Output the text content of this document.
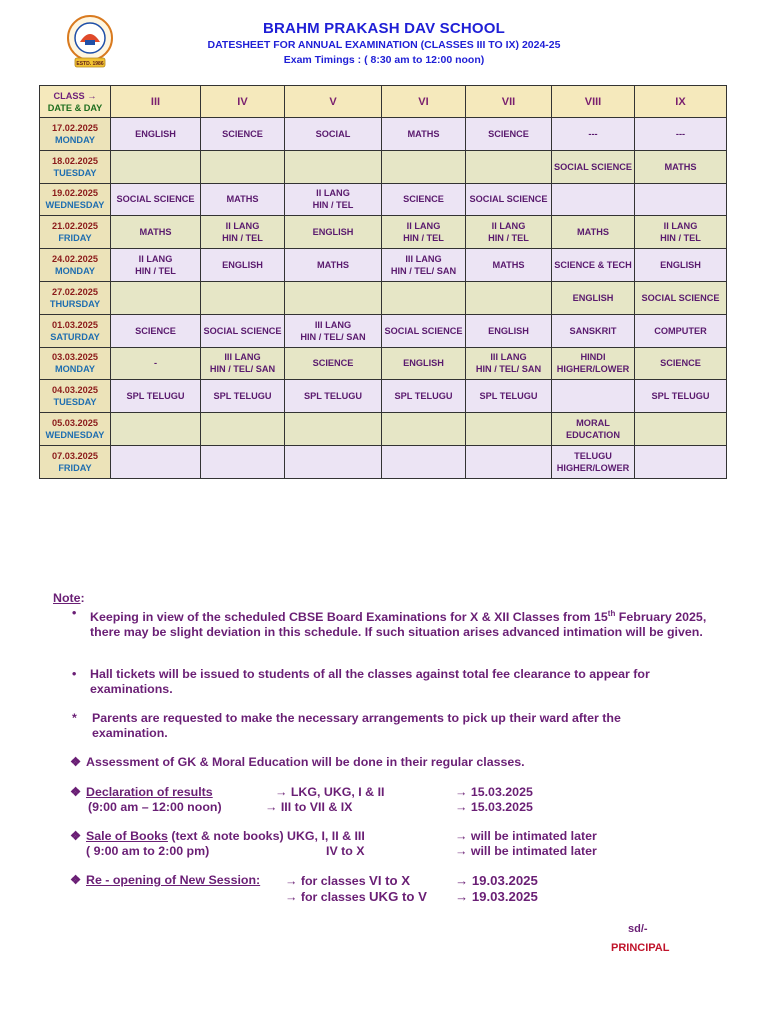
ESTD. 1986
BRAHM PRAKASH DAV SCHOOL
DATESHEET FOR ANNUAL EXAMINATION (CLASSES III TO IX) 2024-25
Exam Timings : ( 8:30 am to 12:00 noon)
CLASS →
DATE & DAY	III	IV	V	VI	VII	VIII	IX

17.02.2025
MONDAY	ENGLISH	SCIENCE	SOCIAL	MATHS	SCIENCE	---	---

18.02.2025
TUESDAY						SOCIAL SCIENCE	MATHS

19.02.2025
WEDNESDAY	SOCIAL SCIENCE	MATHS	II LANG
HIN / TEL	SCIENCE	SOCIAL SCIENCE		

21.02.2025
FRIDAY	MATHS	II LANG
HIN / TEL	ENGLISH	II LANG
HIN / TEL	II LANG
HIN / TEL	MATHS	II LANG
HIN / TEL

24.02.2025
MONDAY	II LANG
HIN / TEL	ENGLISH	MATHS	III LANG
HIN / TEL/ SAN	MATHS	SCIENCE & TECH	ENGLISH

27.02.2025
THURSDAY						ENGLISH	SOCIAL SCIENCE

01.03.2025
SATURDAY	SCIENCE	SOCIAL SCIENCE	III LANG
HIN / TEL/ SAN	SOCIAL SCIENCE	ENGLISH	SANSKRIT	COMPUTER

03.03.2025
MONDAY	-	III LANG
HIN / TEL/ SAN	SCIENCE	ENGLISH	III LANG
HIN / TEL/ SAN	HINDI
HIGHER/LOWER	SCIENCE

04.03.2025
TUESDAY	SPL TELUGU	SPL TELUGU	SPL TELUGU	SPL TELUGU	SPL TELUGU		SPL TELUGU

05.03.2025
WEDNESDAY						MORAL
EDUCATION	

07.03.2025
FRIDAY						TELUGU
HIGHER/LOWER	
Note:
• Keeping in view of the scheduled CBSE Board Examinations for X & XII Classes from 15th February 2025, there may be slight deviation in this schedule. If such situation arises advanced intimation will be given.
• Hall tickets will be issued to students of all the classes against total fee clearance to appear for examinations.
* Parents are requested to make the necessary arrangements to pick up their ward after the examination.
❖ Assessment of GK & Moral Education will be done in their regular classes.
❖ Declaration of results	→ LKG, UKG, I & II	→ 15.03.2025
(9:00 am – 12:00 noon)	→ III to VII & IX	→ 15.03.2025
❖ Sale of Books (text & note books) UKG, I, II & III	→ will be intimated later
( 9:00 am to 2:00 pm)	IV to X	→ will be intimated later
❖ Re - opening of New Session: → for classes VI to X	→ 19.03.2025
→ for classes UKG to V → 19.03.2025
sd/-
PRINCIPAL
